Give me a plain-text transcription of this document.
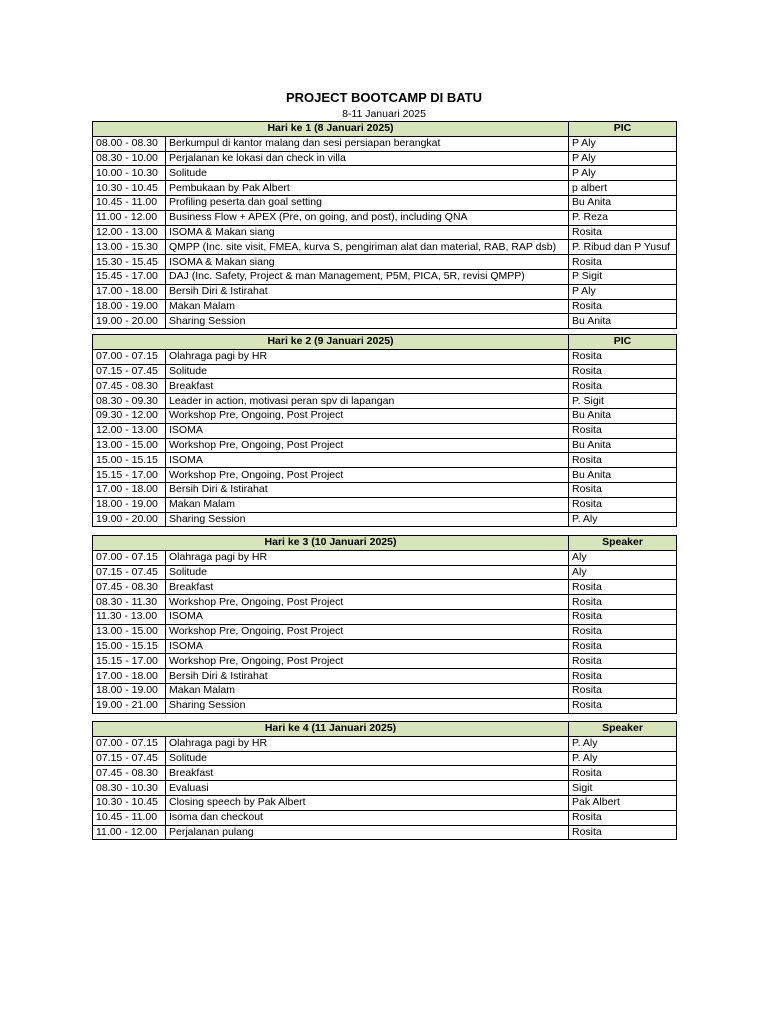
PROJECT BOOTCAMP DI BATU
8-11 Januari 2025
Hari ke 1 (8 Januari 2025)		PIC
08.00 - 08.30	Berkumpul di kantor malang dan sesi persiapan berangkat	P Aly
08.30 - 10.00	Perjalanan ke lokasi dan check in villa	P Aly
10.00 - 10.30	Solitude	P Aly
10.30 - 10.45	Pembukaan by Pak Albert	p albert
10.45 - 11.00	Profiling peserta dan goal setting	Bu Anita
11.00 - 12.00	Business Flow + APEX (Pre, on going, and post), including QNA	P. Reza
12.00 - 13.00	ISOMA & Makan siang	Rosita
13.00 - 15.30	QMPP (Inc. site visit, FMEA, kurva S, pengiriman alat dan material, RAB, RAP dsb)	P. Ribud dan P Yusuf
15.30 - 15.45	ISOMA & Makan siang	Rosita
15.45 - 17.00	DAJ (Inc. Safety, Project & man Management, P5M, PICA, 5R, revisi QMPP)	P Sigit
17.00 - 18.00	Bersih Diri & Istirahat	P Aly
18.00 - 19.00	Makan Malam	Rosita
19.00 - 20.00	Sharing Session	Bu Anita
Hari ke 2 (9 Januari 2025)		PIC
07.00 - 07.15	Olahraga pagi by HR	Rosita
07.15 - 07.45	Solitude	Rosita
07.45 - 08.30	Breakfast	Rosita
08.30 - 09.30	Leader in action, motivasi peran spv di lapangan	P. Sigit
09.30 - 12.00	Workshop Pre, Ongoing, Post Project	Bu Anita
12.00 - 13.00	ISOMA	Rosita
13.00 - 15.00	Workshop Pre, Ongoing, Post Project	Bu Anita
15.00 - 15.15	ISOMA	Rosita
15.15 - 17.00	Workshop Pre, Ongoing, Post Project	Bu Anita
17.00 - 18.00	Bersih Diri & Istirahat	Rosita
18.00 - 19.00	Makan Malam	Rosita
19.00 - 20.00	Sharing Session	P. Aly
Hari ke 3 (10 Januari 2025)		Speaker
07.00 - 07.15	Olahraga pagi by HR	Aly
07.15 - 07.45	Solitude	Aly
07.45 - 08.30	Breakfast	Rosita
08.30 - 11.30	Workshop Pre, Ongoing, Post Project	Rosita
11.30 - 13.00	ISOMA	Rosita
13.00 - 15.00	Workshop Pre, Ongoing, Post Project	Rosita
15.00 - 15.15	ISOMA	Rosita
15.15 - 17.00	Workshop Pre, Ongoing, Post Project	Rosita
17.00 - 18.00	Bersih Diri & Istirahat	Rosita
18.00 - 19.00	Makan Malam	Rosita
19.00 - 21.00	Sharing Session	Rosita
Hari ke 4 (11 Januari 2025)		Speaker
07.00 - 07.15	Olahraga pagi by HR	P. Aly
07.15 - 07.45	Solitude	P. Aly
07.45 - 08.30	Breakfast	Rosita
08.30 - 10.30	Evaluasi	Sigit
10.30 - 10.45	Closing speech by Pak Albert	Pak Albert
10.45 - 11.00	Isoma dan checkout	Rosita
11.00 - 12.00	Perjalanan pulang	Rosita
